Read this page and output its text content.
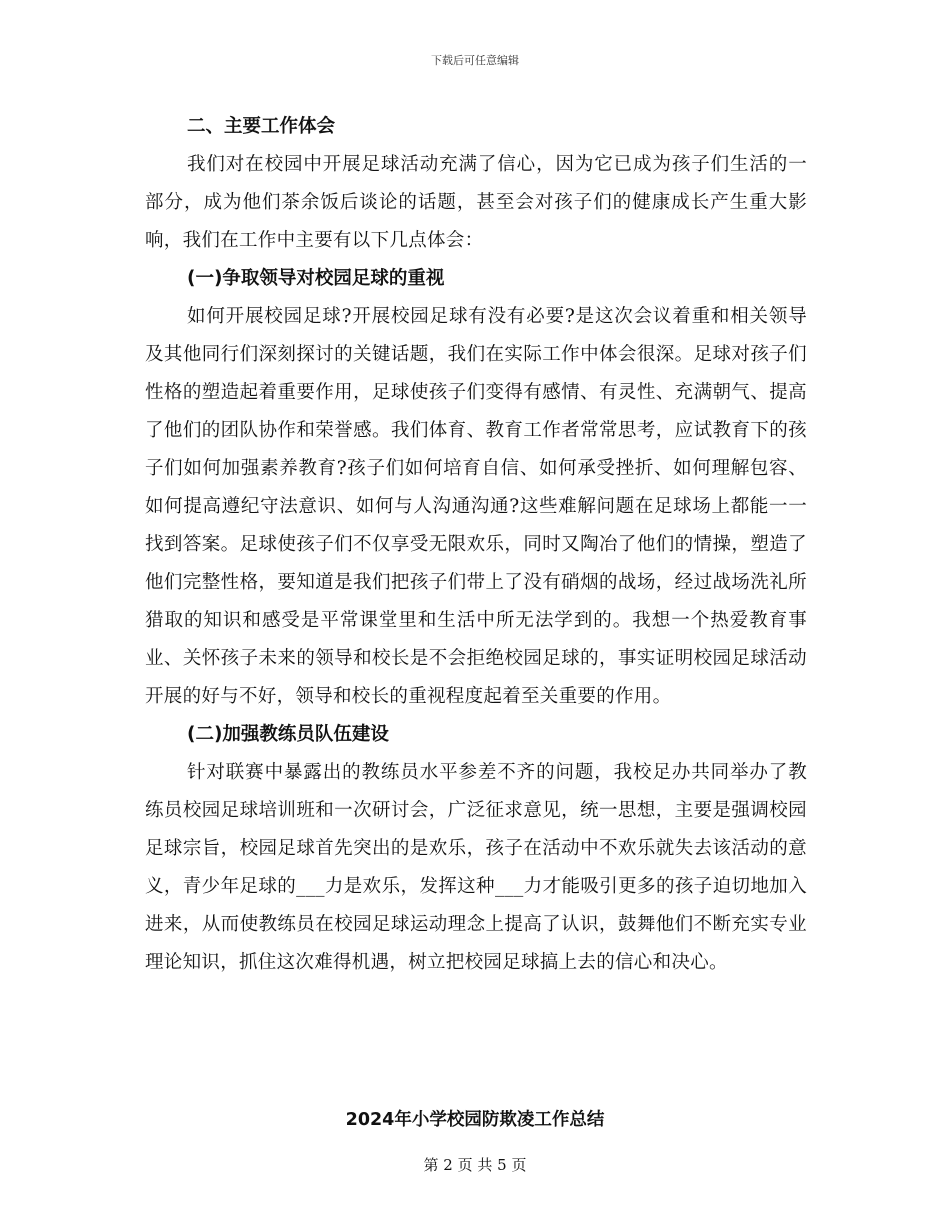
下载后可任意编辑
二、主要工作体会

我们对在校园中开展足球活动充满了信心，因为它已成为孩子们生活的一部分，成为他们茶余饭后谈论的话题，甚至会对孩子们的健康成长产生重大影响，我们在工作中主要有以下几点体会：

(一)争取领导对校园足球的重视

如何开展校园足球?开展校园足球有没有必要?是这次会议着重和相关领导及其他同行们深刻探讨的关键话题，我们在实际工作中体会很深。足球对孩子们性格的塑造起着重要作用，足球使孩子们变得有感情、有灵性、充满朝气、提高了他们的团队协作和荣誉感。我们体育、教育工作者常常思考，应试教育下的孩子们如何加强素养教育?孩子们如何培育自信、如何承受挫折、如何理解包容、如何提高遵纪守法意识、如何与人沟通沟通?这些难解问题在足球场上都能一一找到答案。足球使孩子们不仅享受无限欢乐，同时又陶冶了他们的情操，塑造了他们完整性格，要知道是我们把孩子们带上了没有硝烟的战场，经过战场洗礼所猎取的知识和感受是平常课堂里和生活中所无法学到的。我想一个热爱教育事业、关怀孩子未来的领导和校长是不会拒绝校园足球的，事实证明校园足球活动开展的好与不好，领导和校长的重视程度起着至关重要的作用。

(二)加强教练员队伍建设

针对联赛中暴露出的教练员水平参差不齐的问题，我校足办共同举办了教练员校园足球培训班和一次研讨会，广泛征求意见，统一思想，主要是强调校园足球宗旨，校园足球首先突出的是欢乐，孩子在活动中不欢乐就失去该活动的意义，青少年足球的___力是欢乐，发挥这种___力才能吸引更多的孩子迫切地加入进来，从而使教练员在校园足球运动理念上提高了认识，鼓舞他们不断充实专业理论知识，抓住这次难得机遇，树立把校园足球搞上去的信心和决心。

2024年小学校园防欺凌工作总结
第 2 页 共 5 页
